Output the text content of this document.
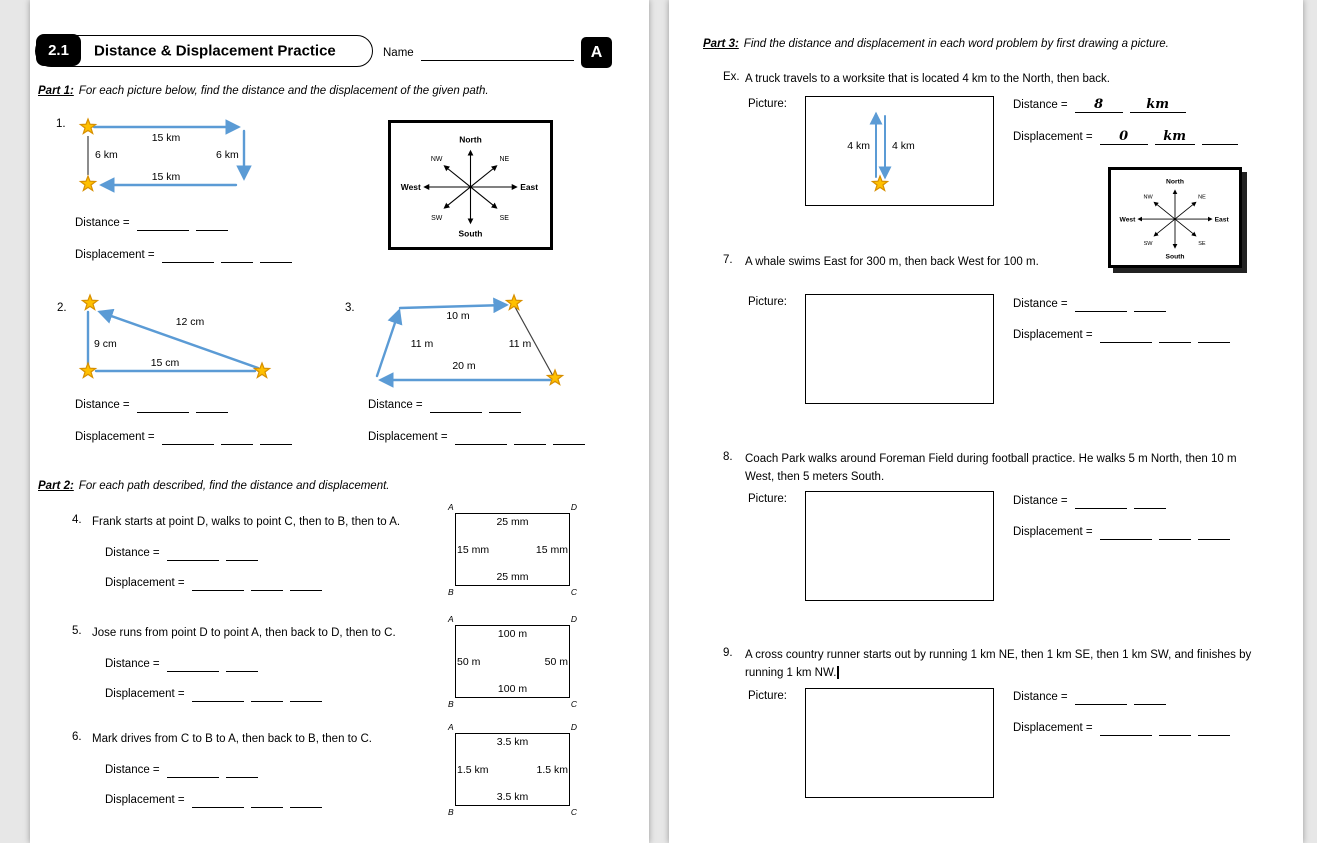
Distance & Displacement Practice
2.1	Name	A
Part 1: For each picture below, find the distance and the displacement of the given path.
1.
15 km
6 km	6 km
15 km
Distance =
Displacement =
North
South
West	East
NW	NE
SW	SE
2.
12 cm
9 cm
15 cm
Distance =
Displacement =
3.
10 m
11 m	11 m
20 m
Distance =
Displacement =
Part 2: For each path described, find the distance and displacement.
4. Frank starts at point D, walks to point C, then to B, then to A.
Distance =
Displacement =
A	D
B	C
25 mm
15 mm	15 mm
25 mm
5. Jose runs from point D to point A, then back to D, then to C.
Distance =
Displacement =
A	D
B	C
100 m
50 m	50 m
100 m
6. Mark drives from C to B to A, then back to B, then to C.
Distance =
Displacement =
A	D
B	C
3.5 km
1.5 km	1.5 km
3.5 km
Part 3: Find the distance and displacement in each word problem by first drawing a picture.
Ex. A truck travels to a worksite that is located 4 km to the North, then back.
Picture:
4 km 4 km
Distance = 8	km
Displacement = 0	km
North
South
West	East
NW	NE
SW	SE
7. A whale swims East for 300 m, then back West for 100 m.
Picture:	Distance =
Displacement =
8. Coach Park walks around Foreman Field during football practice. He walks 5 m North, then 10 m West, then 5 meters South.
Picture:	Distance =
Displacement =
9. A cross country runner starts out by running 1 km NE, then 1 km SE, then 1 km SW, and finishes by running 1 km NW.
Picture:	Distance =
Displacement =
